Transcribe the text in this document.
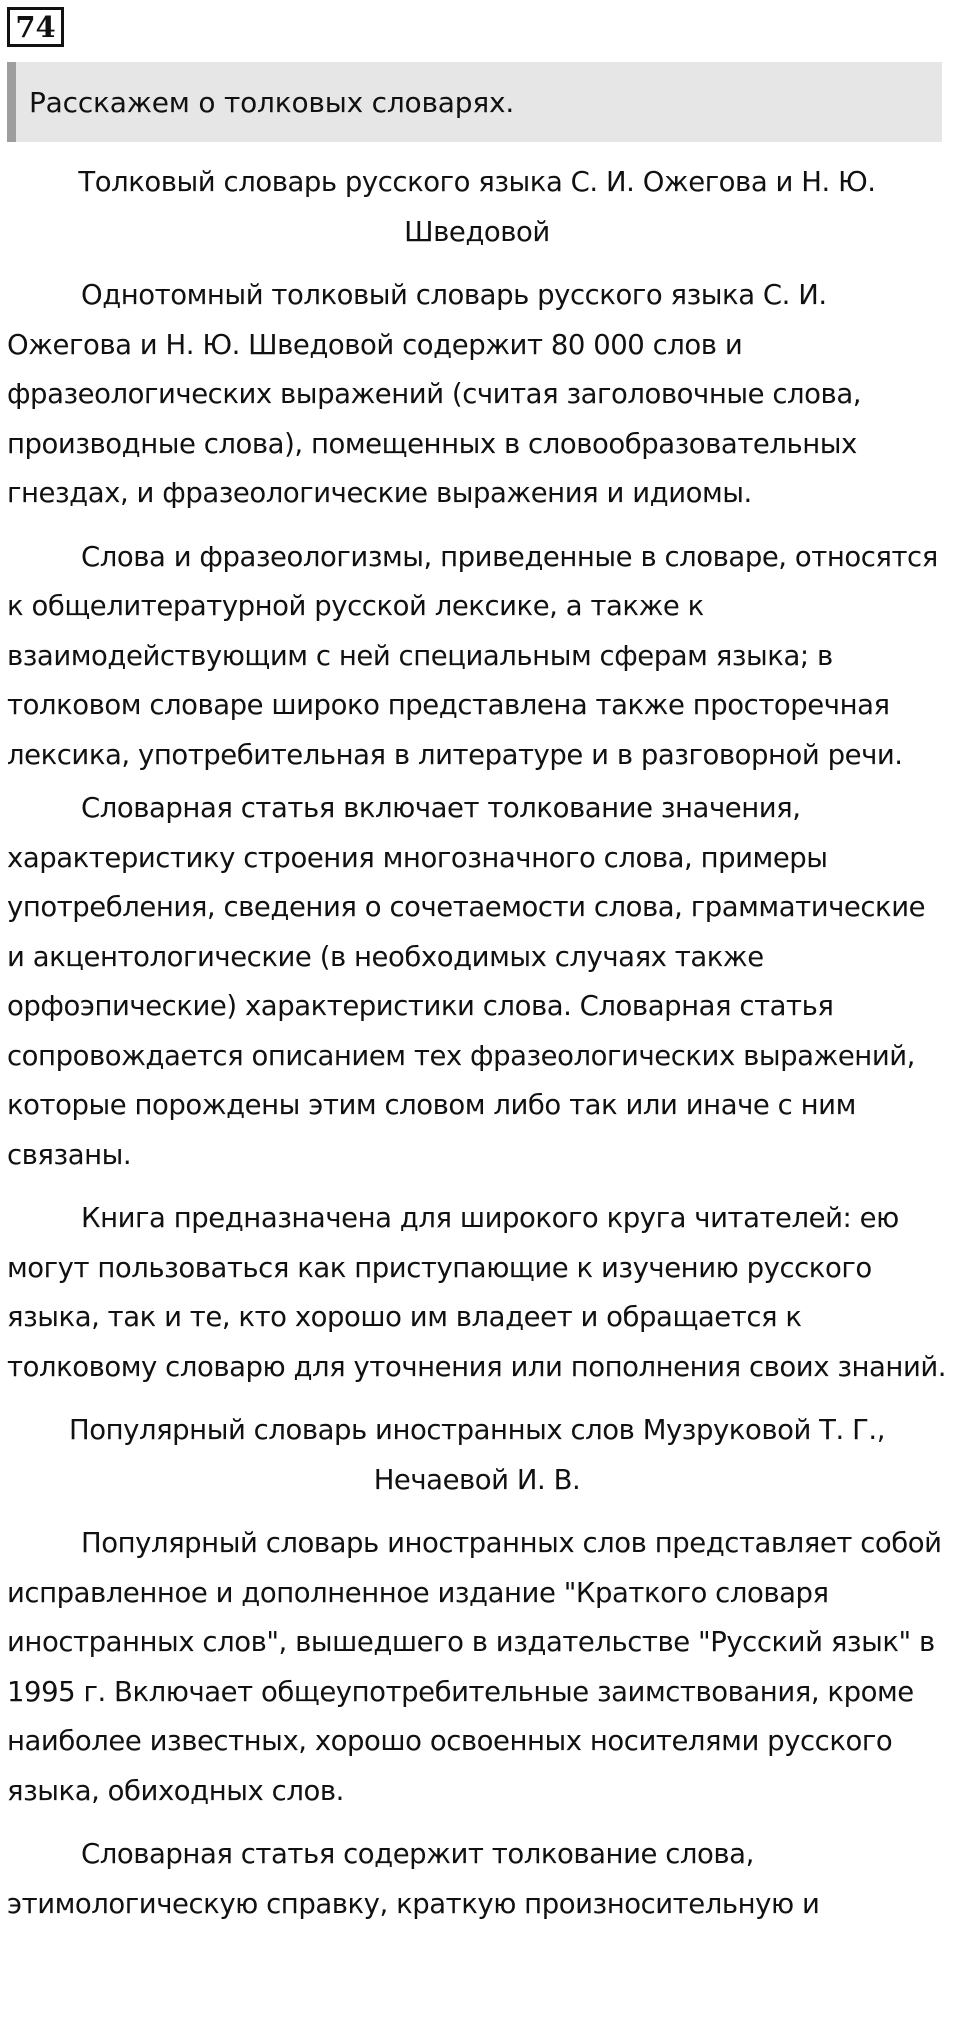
74
Расскажем о толковых словарях.
Толковый словарь русского языка С. И. Ожегова и Н. Ю. Шведовой

Однотомный толковый словарь русского языка С. И. Ожегова и Н. Ю. Шведовой содержит 80 000 слов и фразеологических выражений (считая заголовочные слова, производные слова), помещенных в словообразовательных гнездах, и фразеологические выражения и идиомы.

Слова и фразеологизмы, приведенные в словаре, относятся к общелитературной русской лексике, а также к взаимодействующим с ней специальным сферам языка; в толковом словаре широко представлена также просторечная лексика, употребительная в литературе и в разговорной речи.

Словарная статья включает толкование значения, характеристику строения многозначного слова, примеры употребления, сведения о сочетаемости слова, грамматические и акцентологические (в необходимых случаях также орфоэпические) характеристики слова. Словарная статья сопровождается описанием тех фразеологических выражений, которые порождены этим словом либо так или иначе с ним связаны.

Книга предназначена для широкого круга читателей: ею могут пользоваться как приступающие к изучению русского языка, так и те, кто хорошо им владеет и обращается к толковому словарю для уточнения или пополнения своих знаний.

Популярный словарь иностранных слов Музруковой Т. Г., Нечаевой И. В.

Популярный словарь иностранных слов представляет собой исправленное и дополненное издание "Краткого словаря иностранных слов", вышедшего в издательстве "Русский язык" в 1995 г. Включает общеупотребительные заимствования, кроме наиболее известных, хорошо освоенных носителями русского языка, обиходных слов.

Словарная статья содержит толкование слова, этимологическую справку, краткую произносительную и
